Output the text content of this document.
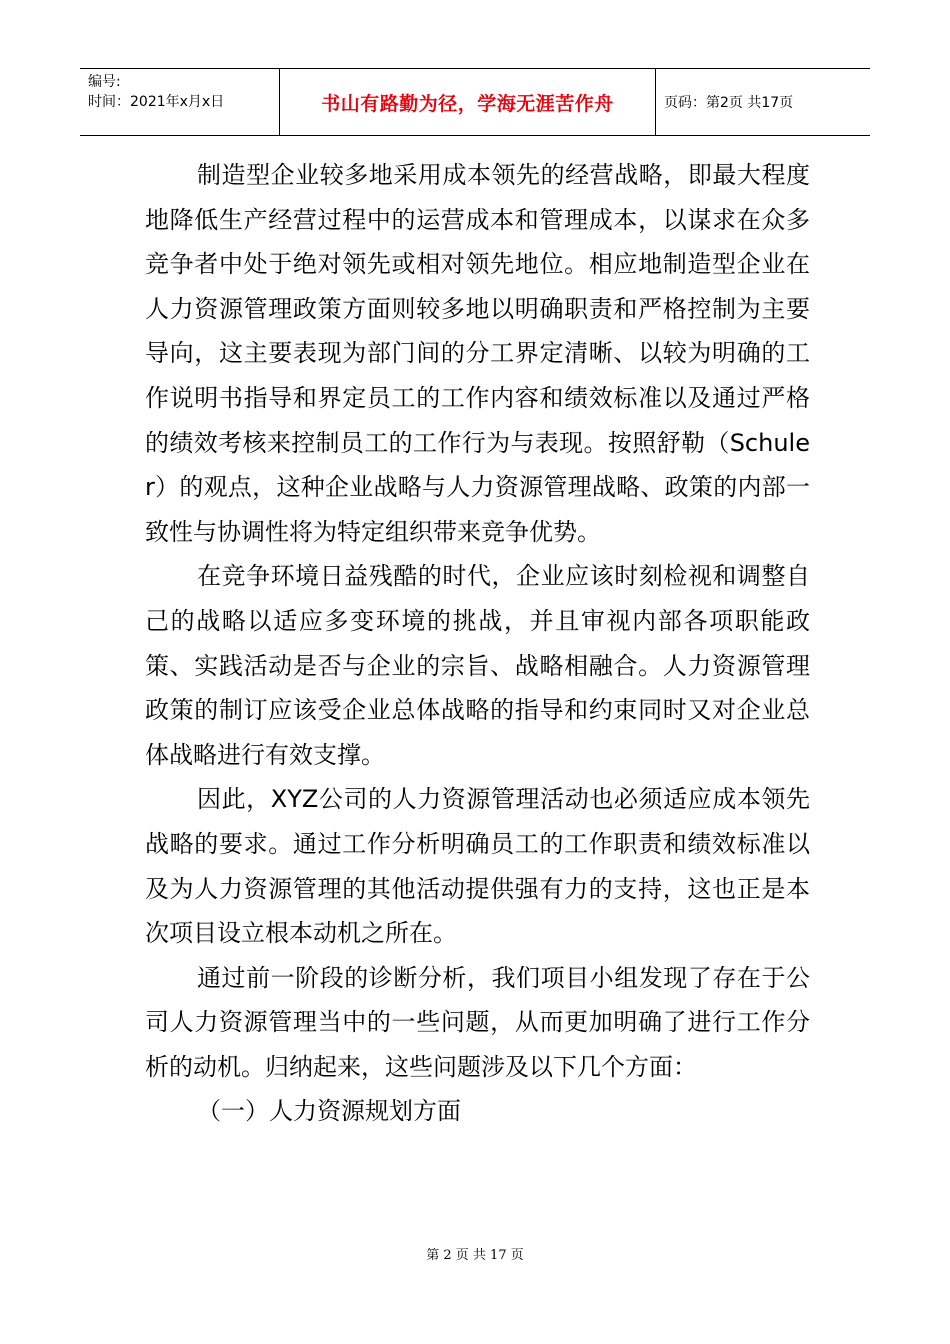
编号:
时间：2021年x月x日	书山有路勤为径，学海无涯苦作舟	页码：第2页 共17页

制造型企业较多地采用成本领先的经营战略，即最大程度地降低生产经营过程中的运营成本和管理成本，以谋求在众多竞争者中处于绝对领先或相对领先地位。相应地制造型企业在人力资源管理政策方面则较多地以明确职责和严格控制为主要导向，这主要表现为部门间的分工界定清晰、以较为明确的工作说明书指导和界定员工的工作内容和绩效标准以及通过严格的绩效考核来控制员工的工作行为与表现。按照舒勒（Schuler）的观点，这种企业战略与人力资源管理战略、政策的内部一致性与协调性将为特定组织带来竞争优势。

在竞争环境日益残酷的时代，企业应该时刻检视和调整自己的战略以适应多变环境的挑战，并且审视内部各项职能政策、实践活动是否与企业的宗旨、战略相融合。人力资源管理政策的制订应该受企业总体战略的指导和约束同时又对企业总体战略进行有效支撑。

因此，XYZ公司的人力资源管理活动也必须适应成本领先战略的要求。通过工作分析明确员工的工作职责和绩效标准以及为人力资源管理的其他活动提供强有力的支持，这也正是本次项目设立根本动机之所在。

通过前一阶段的诊断分析，我们项目小组发现了存在于公司人力资源管理当中的一些问题，从而更加明确了进行工作分析的动机。归纳起来，这些问题涉及以下几个方面：

（一）人力资源规划方面

第 2 页 共 17 页
